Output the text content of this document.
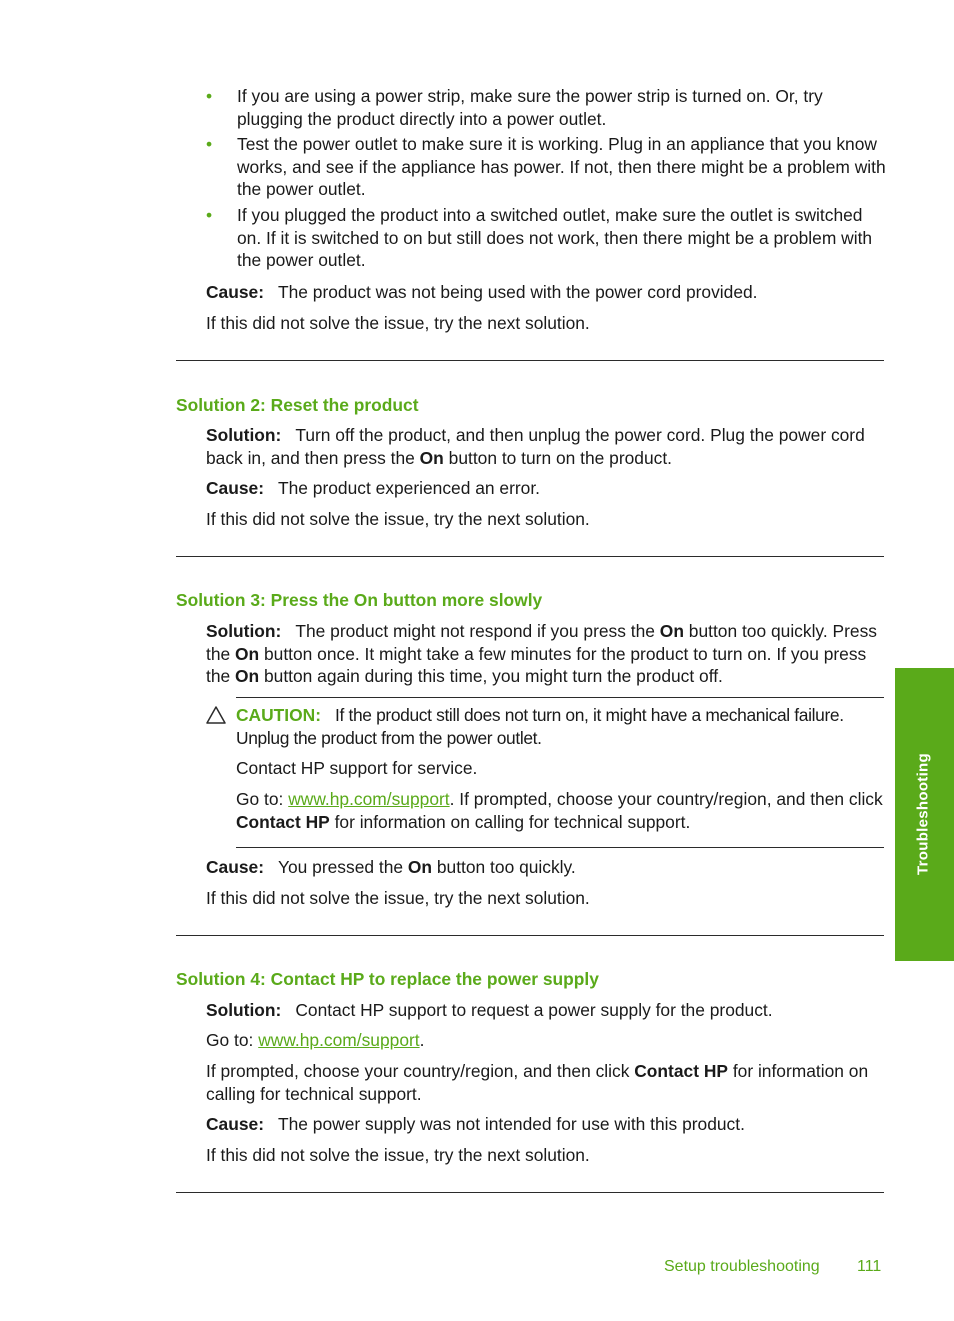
• If you are using a power strip, make sure the power strip is turned on. Or, try plugging the product directly into a power outlet.
• Test the power outlet to make sure it is working. Plug in an appliance that you know works, and see if the appliance has power. If not, then there might be a problem with the power outlet.
• If you plugged the product into a switched outlet, make sure the outlet is switched on. If it is switched to on but still does not work, then there might be a problem with the power outlet.

Cause: The product was not being used with the power cord provided.

If this did not solve the issue, try the next solution.

Solution 2: Reset the product

Solution: Turn off the product, and then unplug the power cord. Plug the power cord back in, and then press the On button to turn on the product.

Cause: The product experienced an error.

If this did not solve the issue, try the next solution.

Solution 3: Press the On button more slowly

Solution: The product might not respond if you press the On button too quickly. Press the On button once. It might take a few minutes for the product to turn on. If you press the On button again during this time, you might turn the product off.

CAUTION: If the product still does not turn on, it might have a mechanical failure. Unplug the product from the power outlet.

Contact HP support for service.

Go to: www.hp.com/support. If prompted, choose your country/region, and then click Contact HP for information on calling for technical support.

Cause: You pressed the On button too quickly.

If this did not solve the issue, try the next solution.

Solution 4: Contact HP to replace the power supply

Solution: Contact HP support to request a power supply for the product.

Go to: www.hp.com/support.

If prompted, choose your country/region, and then click Contact HP for information on calling for technical support.

Cause: The power supply was not intended for use with this product.

If this did not solve the issue, try the next solution.

Troubleshooting
Setup troubleshooting 111
